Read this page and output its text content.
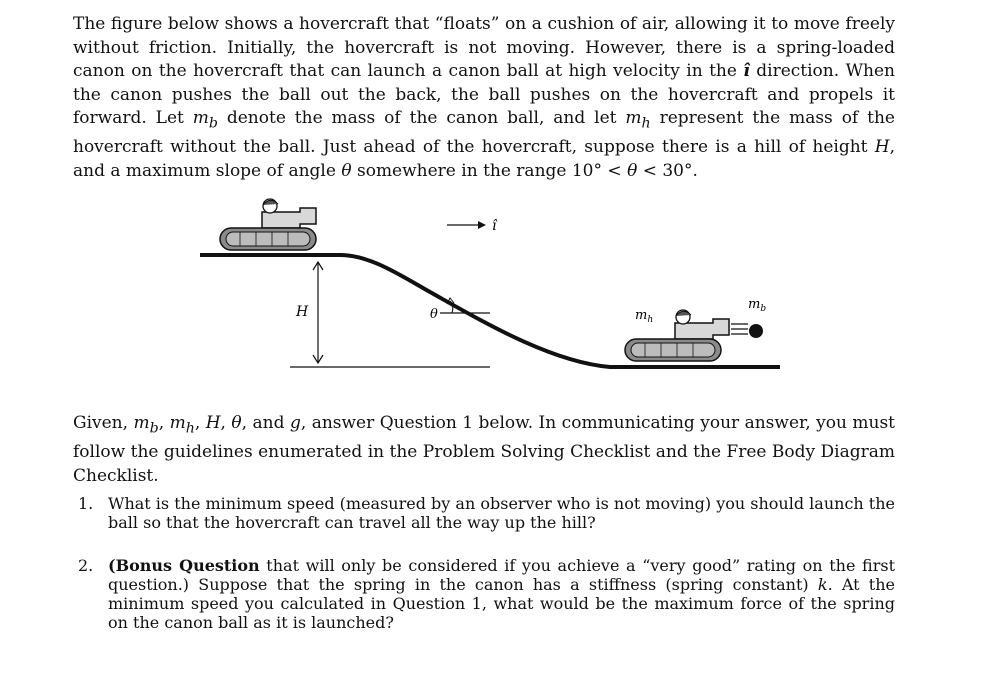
The figure below shows a hovercraft that “floats” on a cushion of air, allowing it to move freely without friction. Initially, the hovercraft is not moving. However, there is a spring-loaded canon on the hovercraft that can launch a canon ball at high velocity in the ı̂ direction. When the canon pushes the ball out the back, the ball pushes on the hovercraft and propels it forward. Let $m_b$ denote the mass of the canon ball, and let $m_h$ represent the mass of the hovercraft without the ball. Just ahead of the hovercraft, suppose there is a hill of height H, and a maximum slope of angle θ somewhere in the range 10° < θ < 30°.

H	θ
ı̂
$m_h$
$m_b$

Given, $m_b$, $m_h$, H, θ, and g, answer Question 1 below. In communicating your answer, you must follow the guidelines enumerated in the Problem Solving Checklist and the Free Body Diagram Checklist.

1. What is the minimum speed (measured by an observer who is not moving) you should launch the ball so that the hovercraft can travel all the way up the hill?
2. (Bonus Question that will only be considered if you achieve a “very good” rating on the first question.) Suppose that the spring in the canon has a stiffness (spring constant) k. At the minimum speed you calculated in Question 1, what would be the maximum force of the spring on the canon ball as it is launched?
